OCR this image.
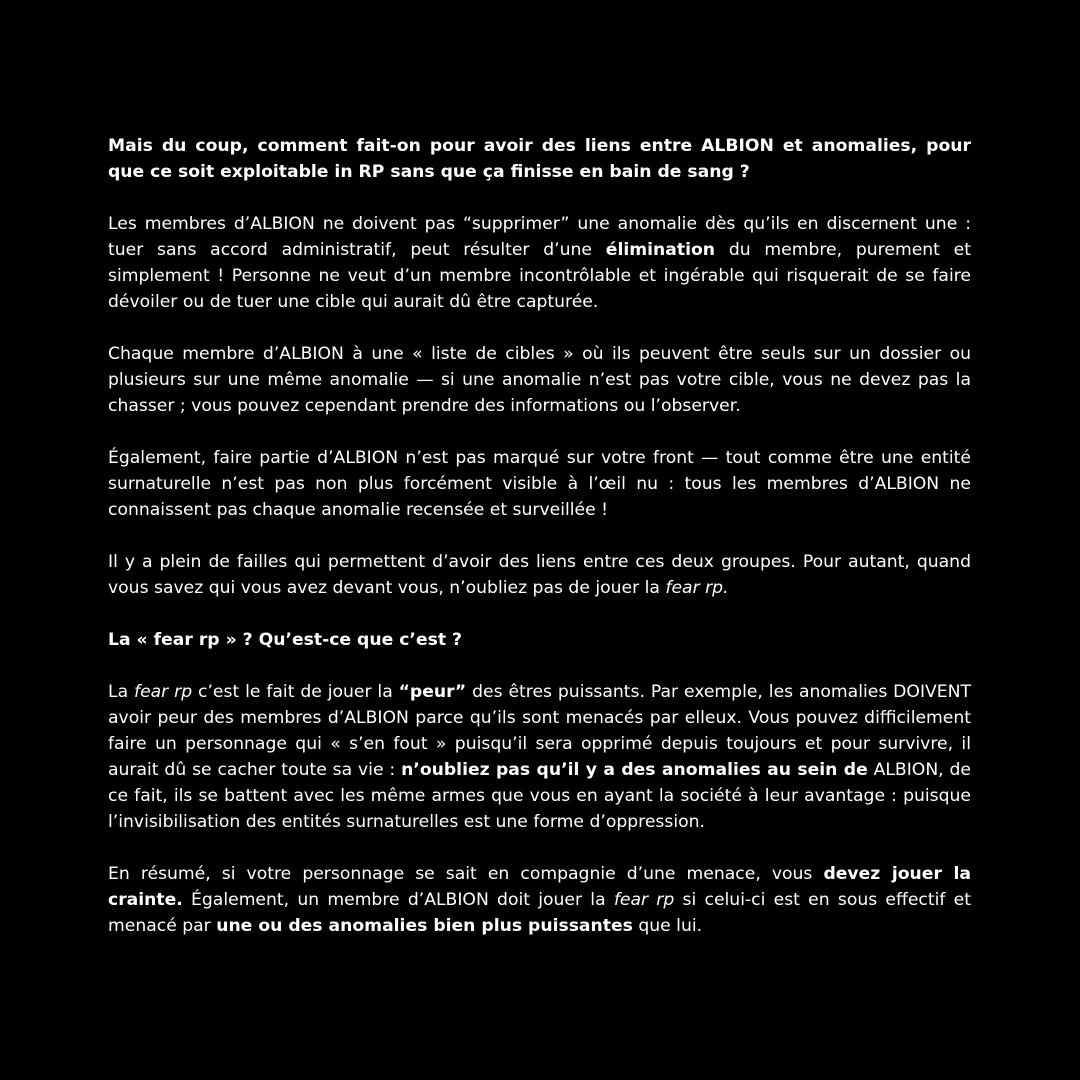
Mais du coup, comment fait-on pour avoir des liens entre ALBION et anomalies, pour que ce soit exploitable in RP sans que ça finisse en bain de sang ?

Les membres d’ALBION ne doivent pas “supprimer” une anomalie dès qu’ils en discernent une : tuer sans accord administratif, peut résulter d’une élimination du membre, purement et simplement ! Personne ne veut d’un membre incontrôlable et ingérable qui risquerait de se faire dévoiler ou de tuer une cible qui aurait dû être capturée.

Chaque membre d’ALBION à une « liste de cibles » où ils peuvent être seuls sur un dossier ou plusieurs sur une même anomalie — si une anomalie n’est pas votre cible, vous ne devez pas la chasser ; vous pouvez cependant prendre des informations ou l’observer.

Également, faire partie d’ALBION n’est pas marqué sur votre front — tout comme être une entité surnaturelle n’est pas non plus forcément visible à l’œil nu : tous les membres d’ALBION ne connaissent pas chaque anomalie recensée et surveillée !

Il y a plein de failles qui permettent d’avoir des liens entre ces deux groupes. Pour autant, quand vous savez qui vous avez devant vous, n’oubliez pas de jouer la fear rp.

La « fear rp » ? Qu’est-ce que c’est ?

La fear rp c’est le fait de jouer la “peur” des êtres puissants. Par exemple, les anomalies DOIVENT avoir peur des membres d’ALBION parce qu’ils sont menacés par elleux. Vous pouvez difficilement faire un personnage qui « s’en fout » puisqu’il sera opprimé depuis toujours et pour survivre, il aurait dû se cacher toute sa vie : n’oubliez pas qu’il y a des anomalies au sein de ALBION, de ce fait, ils se battent avec les même armes que vous en ayant la société à leur avantage : puisque l’invisibilisation des entités surnaturelles est une forme d’oppression.

En résumé, si votre personnage se sait en compagnie d’une menace, vous devez jouer la crainte. Également, un membre d’ALBION doit jouer la fear rp si celui-ci est en sous effectif et menacé par une ou des anomalies bien plus puissantes que lui.
